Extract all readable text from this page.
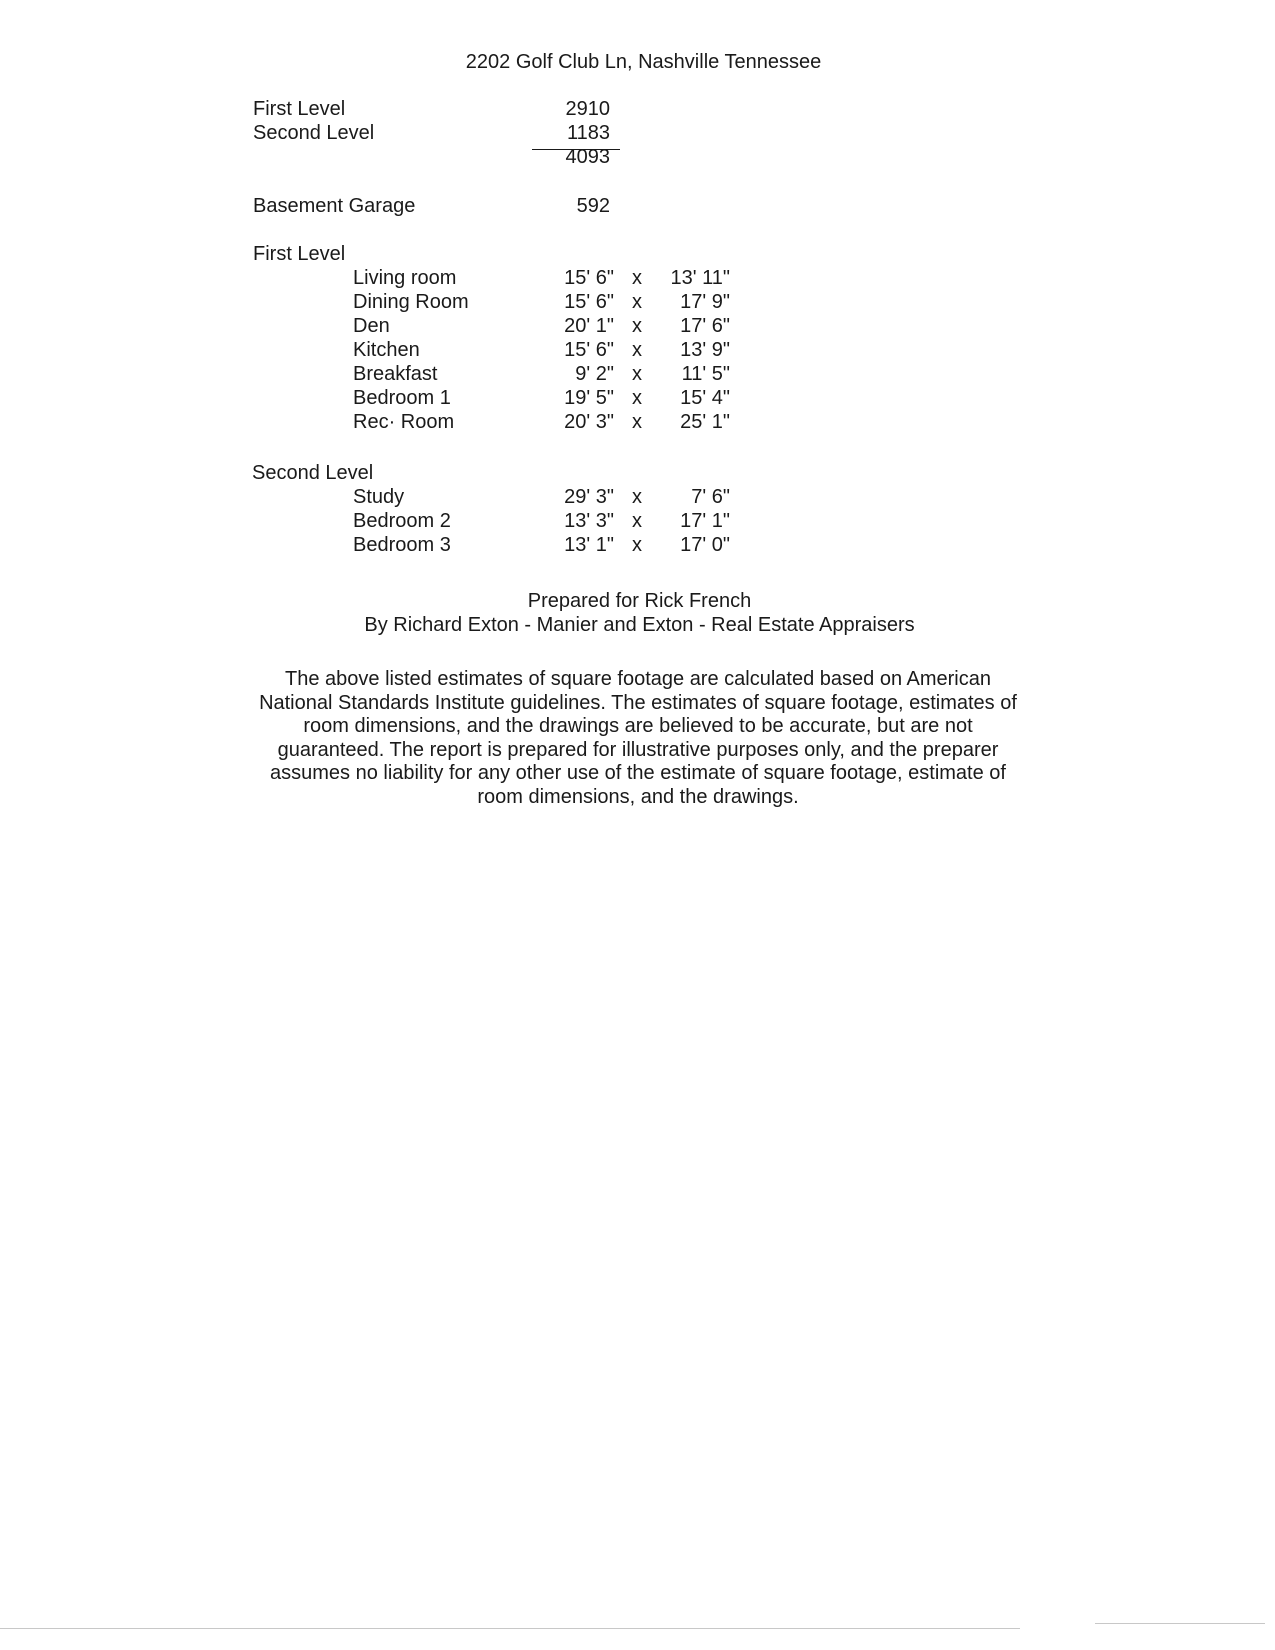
2202 Golf Club Ln, Nashville Tennessee
First Level	2910
Second Level	1183
4093
Basement Garage	592
First Level
Living room	15' 6" x	13' 11"
Dining Room	15' 6" x	17' 9"
Den	20' 1" x	17' 6"
Kitchen	15' 6" x	13' 9"
Breakfast	9' 2" x	11' 5"
Bedroom 1	19' 5" x	15' 4"
Rec· Room	20' 3" x	25' 1"
Second Level
Study	29' 3" x	7' 6"
Bedroom 2	13' 3" x	17' 1"
Bedroom 3	13' 1" x	17' 0"
Prepared for Rick French
By Richard Exton - Manier and Exton - Real Estate Appraisers
The above listed estimates of square footage are calculated based on American National Standards Institute guidelines. The estimates of square footage, estimates of room dimensions, and the drawings are believed to be accurate, but are not guaranteed. The report is prepared for illustrative purposes only, and the preparer assumes no liability for any other use of the estimate of square footage, estimate of room dimensions, and the drawings.
